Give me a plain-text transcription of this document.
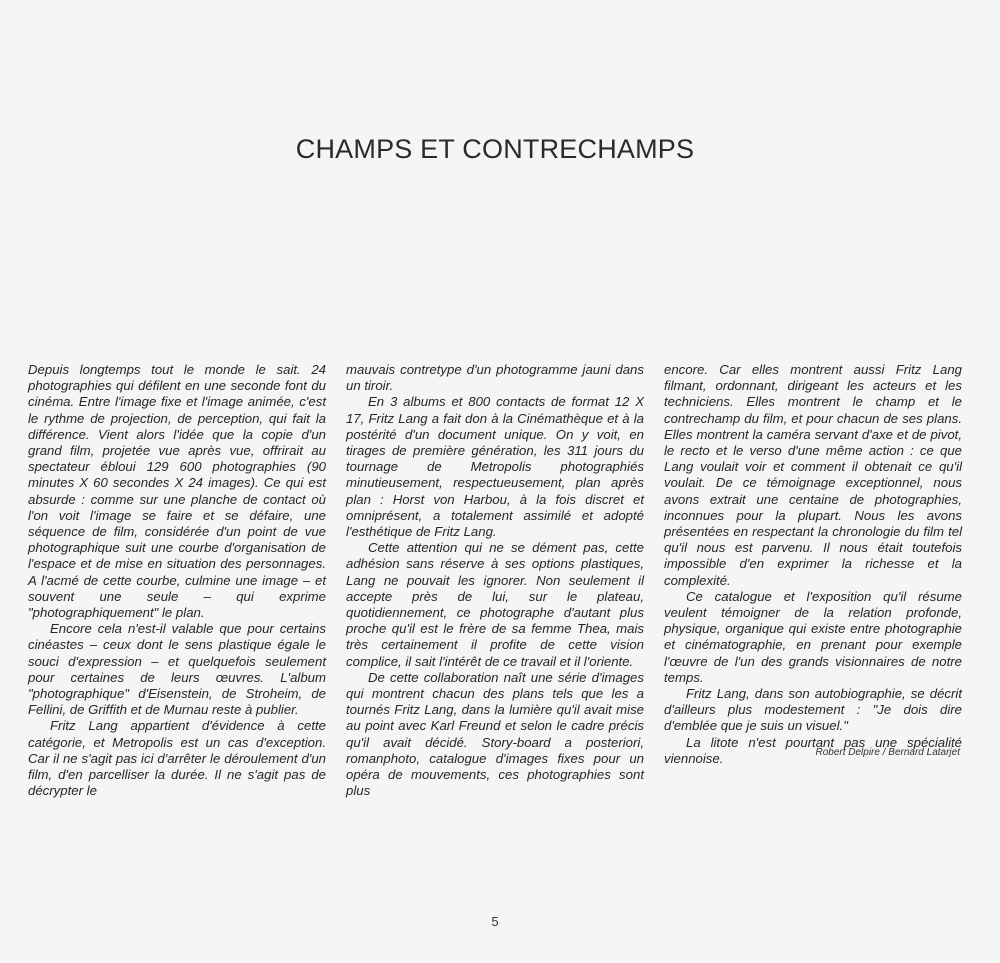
CHAMPS ET CONTRECHAMPS

Depuis longtemps tout le monde le sait. 24 photographies qui défilent en une seconde font du cinéma. Entre l'image fixe et l'image animée, c'est le rythme de projection, de perception, qui fait la différence. Vient alors l'idée que la copie d'un grand film, projetée vue après vue, offrirait au spectateur ébloui 129 600 photographies (90 minutes X 60 secondes X 24 images). Ce qui est absurde : comme sur une planche de contact où l'on voit l'image se faire et se défaire, une séquence de film, considérée d'un point de vue photographique suit une courbe d'organisation de l'espace et de mise en situation des personnages. A l'acmé de cette courbe, culmine une image – et souvent une seule – qui exprime "photographiquement" le plan.

Encore cela n'est-il valable que pour certains cinéastes – ceux dont le sens plastique égale le souci d'expression – et quelquefois seulement pour certaines de leurs œuvres. L'album "photographique" d'Eisenstein, de Stroheim, de Fellini, de Griffith et de Murnau reste à publier.

Fritz Lang appartient d'évidence à cette catégorie, et Metropolis est un cas d'exception. Car il ne s'agit pas ici d'arrêter le déroulement d'un film, d'en parcelliser la durée. Il ne s'agit pas de décrypter le

mauvais contretype d'un photogramme jauni dans un tiroir.

En 3 albums et 800 contacts de format 12 X 17, Fritz Lang a fait don à la Cinémathèque et à la postérité d'un document unique. On y voit, en tirages de première génération, les 311 jours du tournage de Metropolis photographiés minutieusement, respectueusement, plan après plan : Horst von Harbou, à la fois discret et omniprésent, a totalement assimilé et adopté l'esthétique de Fritz Lang.

Cette attention qui ne se dément pas, cette adhésion sans réserve à ses options plastiques, Lang ne pouvait les ignorer. Non seulement il accepte près de lui, sur le plateau, quotidiennement, ce photographe d'autant plus proche qu'il est le frère de sa femme Thea, mais très certainement il profite de cette vision complice, il sait l'intérêt de ce travail et il l'oriente.

De cette collaboration naît une série d'images qui montrent chacun des plans tels que les a tournés Fritz Lang, dans la lumière qu'il avait mise au point avec Karl Freund et selon le cadre précis qu'il avait décidé. Story-board a posteriori, romanphoto, catalogue d'images fixes pour un opéra de mouvements, ces photographies sont plus

encore. Car elles montrent aussi Fritz Lang filmant, ordonnant, dirigeant les acteurs et les techniciens. Elles montrent le champ et le contrechamp du film, et pour chacun de ses plans. Elles montrent la caméra servant d'axe et de pivot, le recto et le verso d'une même action : ce que Lang voulait voir et comment il obtenait ce qu'il voulait. De ce témoignage exceptionnel, nous avons extrait une centaine de photographies, inconnues pour la plupart. Nous les avons présentées en respectant la chronologie du film tel qu'il nous est parvenu. Il nous était toutefois impossible d'en exprimer la richesse et la complexité.

Ce catalogue et l'exposition qu'il résume veulent témoigner de la relation profonde, physique, organique qui existe entre photographie et cinématographie, en prenant pour exemple l'œuvre de l'un des grands visionnaires de notre temps.

Fritz Lang, dans son autobiographie, se décrit d'ailleurs plus modestement : "Je dois dire d'emblée que je suis un visuel."

La litote n'est pourtant pas une spécialité viennoise.	Robert Delpire / Bernard Latarjet
5
